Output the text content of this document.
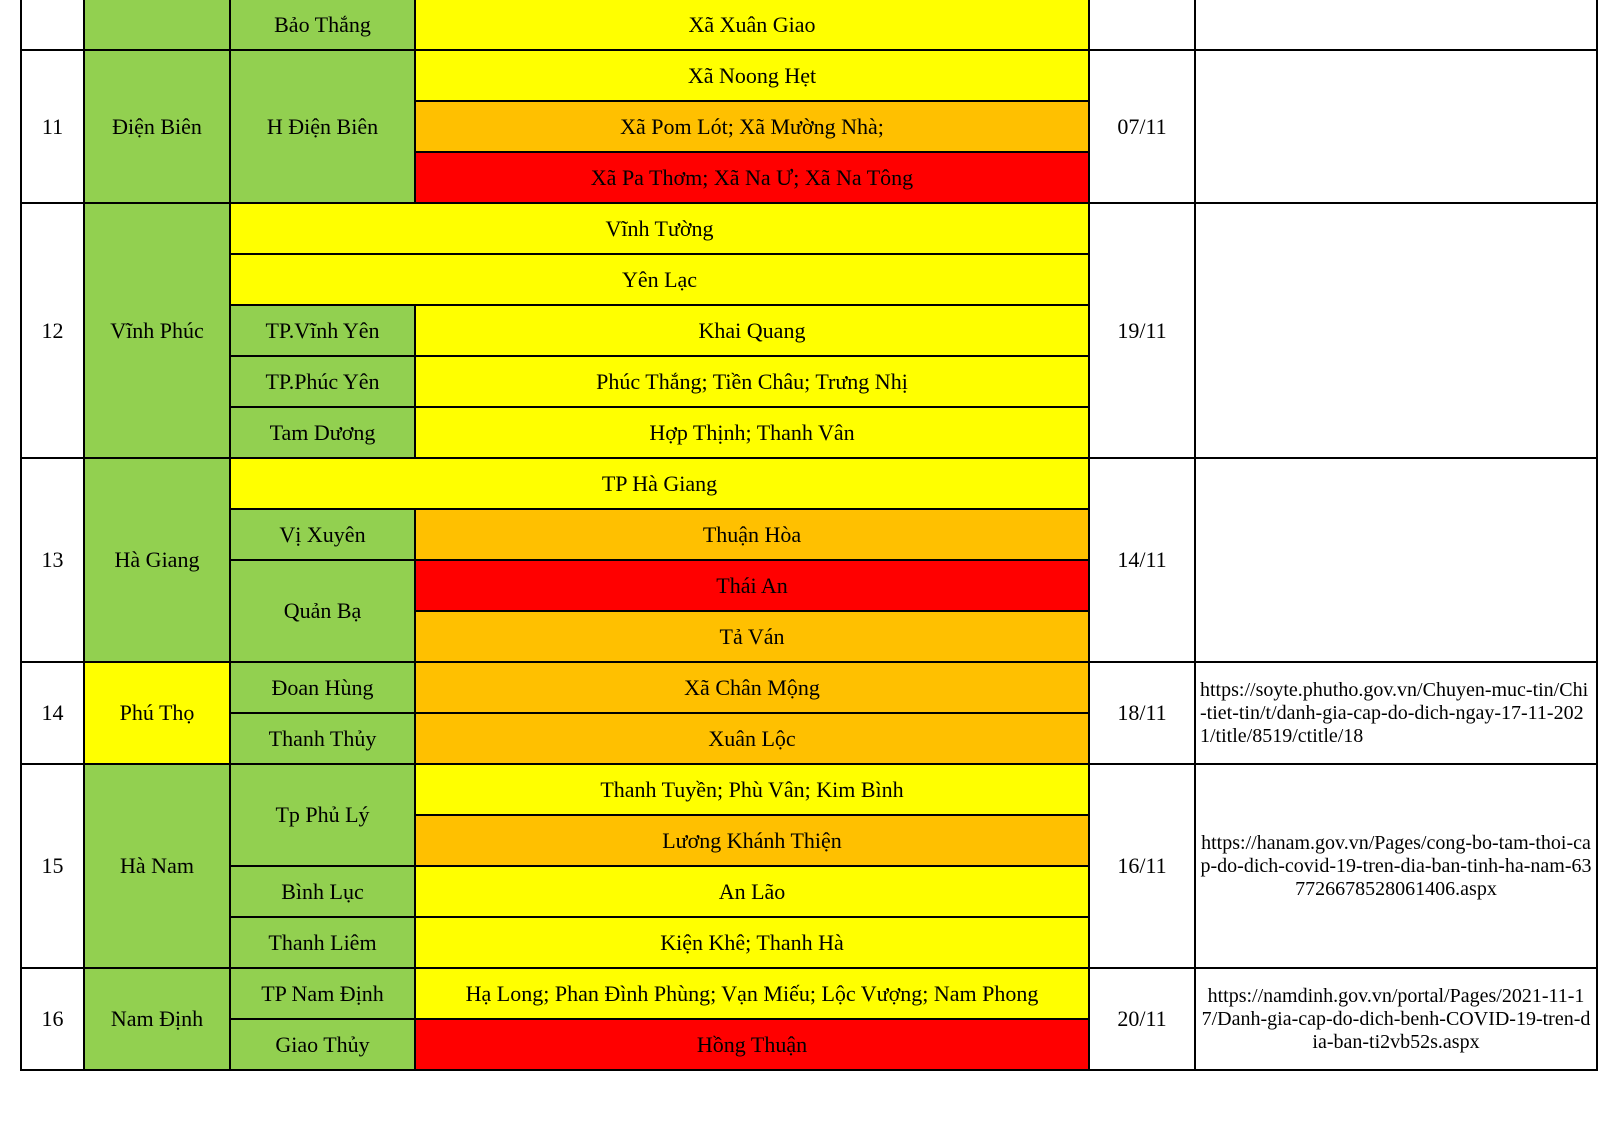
		Bảo Thắng	Xã Xuân Giao		
11	Điện Biên	H Điện Biên	Xã Noong Hẹt	07/11	
			Xã Pom Lót; Xã Mường Nhà;		
			Xã Pa Thơm; Xã Na Ư; Xã Na Tông		
12	Vĩnh Phúc	Vĩnh Tường		19/11	
		Yên Lạc			
		TP.Vĩnh Yên	Khai Quang		
		TP.Phúc Yên	Phúc Thắng; Tiền Châu; Trưng Nhị		
		Tam Dương	Hợp Thịnh; Thanh Vân		
13	Hà Giang	TP Hà Giang		14/11	
		Vị Xuyên	Thuận Hòa		
		Quản Bạ	Thái An		
			Tả Ván		
14	Phú Thọ	Đoan Hùng	Xã Chân Mộng	18/11	https://soyte.phutho.gov.vn/Chuyen-muc-tin/Chi-tiet-tin/t/danh-gia-cap-do-dich-ngay-17-11-2021/title/8519/ctitle/18
		Thanh Thủy	Xuân Lộc		
15	Hà Nam	Tp Phủ Lý	Thanh Tuyền; Phù Vân; Kim Bình	16/11	https://hanam.gov.vn/Pages/cong-bo-tam-thoi-cap-do-dich-covid-19-tren-dia-ban-tinh-ha-nam-637726678528061406.aspx
			Lương Khánh Thiện		
		Bình Lục	An Lão		
		Thanh Liêm	Kiện Khê; Thanh Hà		
16	Nam Định	TP Nam Định	Hạ Long; Phan Đình Phùng; Vạn Miếu; Lộc Vượng; Nam Phong	20/11	https://namdinh.gov.vn/portal/Pages/2021-11-17/Danh-gia-cap-do-dich-benh-COVID-19-tren-dia-ban-ti2vb52s.aspx
		Giao Thủy	Hồng Thuận		
